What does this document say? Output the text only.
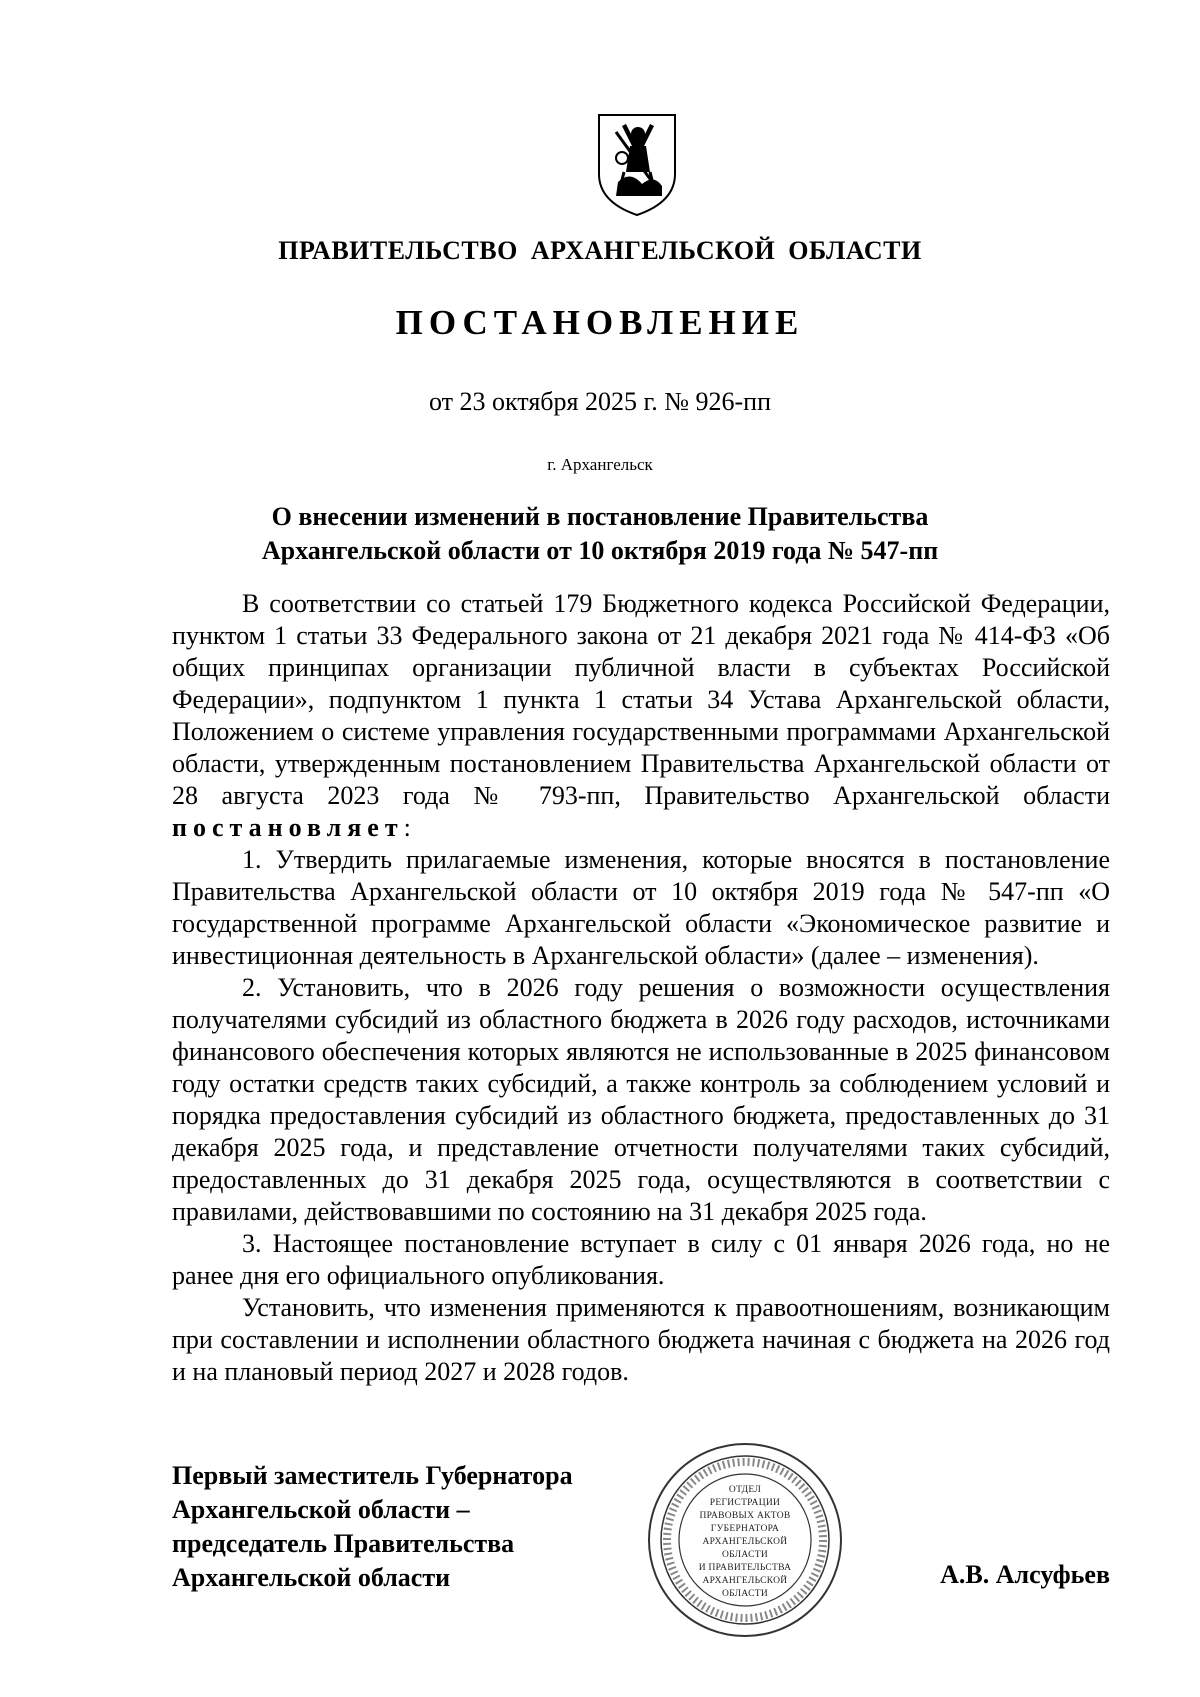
ПРАВИТЕЛЬСТВО АРХАНГЕЛЬСКОЙ ОБЛАСТИ
ПОСТАНОВЛЕНИЕ
от 23 октября 2025 г. № 926-пп
г. Архангельск
О внесении изменений в постановление Правительства
Архангельской области от 10 октября 2019 года № 547-пп

В соответствии со статьей 179 Бюджетного кодекса Российской Федерации, пунктом 1 статьи 33 Федерального закона от 21 декабря 2021 года № 414-ФЗ «Об общих принципах организации публичной власти в субъектах Российской Федерации», подпунктом 1 пункта 1 статьи 34 Устава Архангельской области, Положением о системе управления государственными программами Архангельской области, утвержденным постановлением Правительства Архангельской области от 28 августа 2023 года № 793-пп, Правительство Архангельской области постановляет:

1. Утвердить прилагаемые изменения, которые вносятся в постановление Правительства Архангельской области от 10 октября 2019 года № 547-пп «О государственной программе Архангельской области «Экономическое развитие и инвестиционная деятельность в Архангельской области» (далее – изменения).

2. Установить, что в 2026 году решения о возможности осуществления получателями субсидий из областного бюджета в 2026 году расходов, источниками финансового обеспечения которых являются не использованные в 2025 финансовом году остатки средств таких субсидий, а также контроль за соблюдением условий и порядка предоставления субсидий из областного бюджета, предоставленных до 31 декабря 2025 года, и представление отчетности получателями таких субсидий, предоставленных до 31 декабря 2025 года, осуществляются в соответствии с правилами, действовавшими по состоянию на 31 декабря 2025 года.

3. Настоящее постановление вступает в силу с 01 января 2026 года, но не ранее дня его официального опубликования.

Установить, что изменения применяются к правоотношениям, возникающим при составлении и исполнении областного бюджета начиная с бюджета на 2026 год и на плановый период 2027 и 2028 годов.

Первый заместитель Губернатора
Архангельской области –
председатель Правительства
Архангельской области
ОТДЕЛ
РЕГИСТРАЦИИ
ПРАВОВЫХ АКТОВ
ГУБЕРНАТОРА
АРХАНГЕЛЬСКОЙ
ОБЛАСТИ
И ПРАВИТЕЛЬСТВА
АРХАНГЕЛЬСКОЙ
ОБЛАСТИ
А.В. Алсуфьев
